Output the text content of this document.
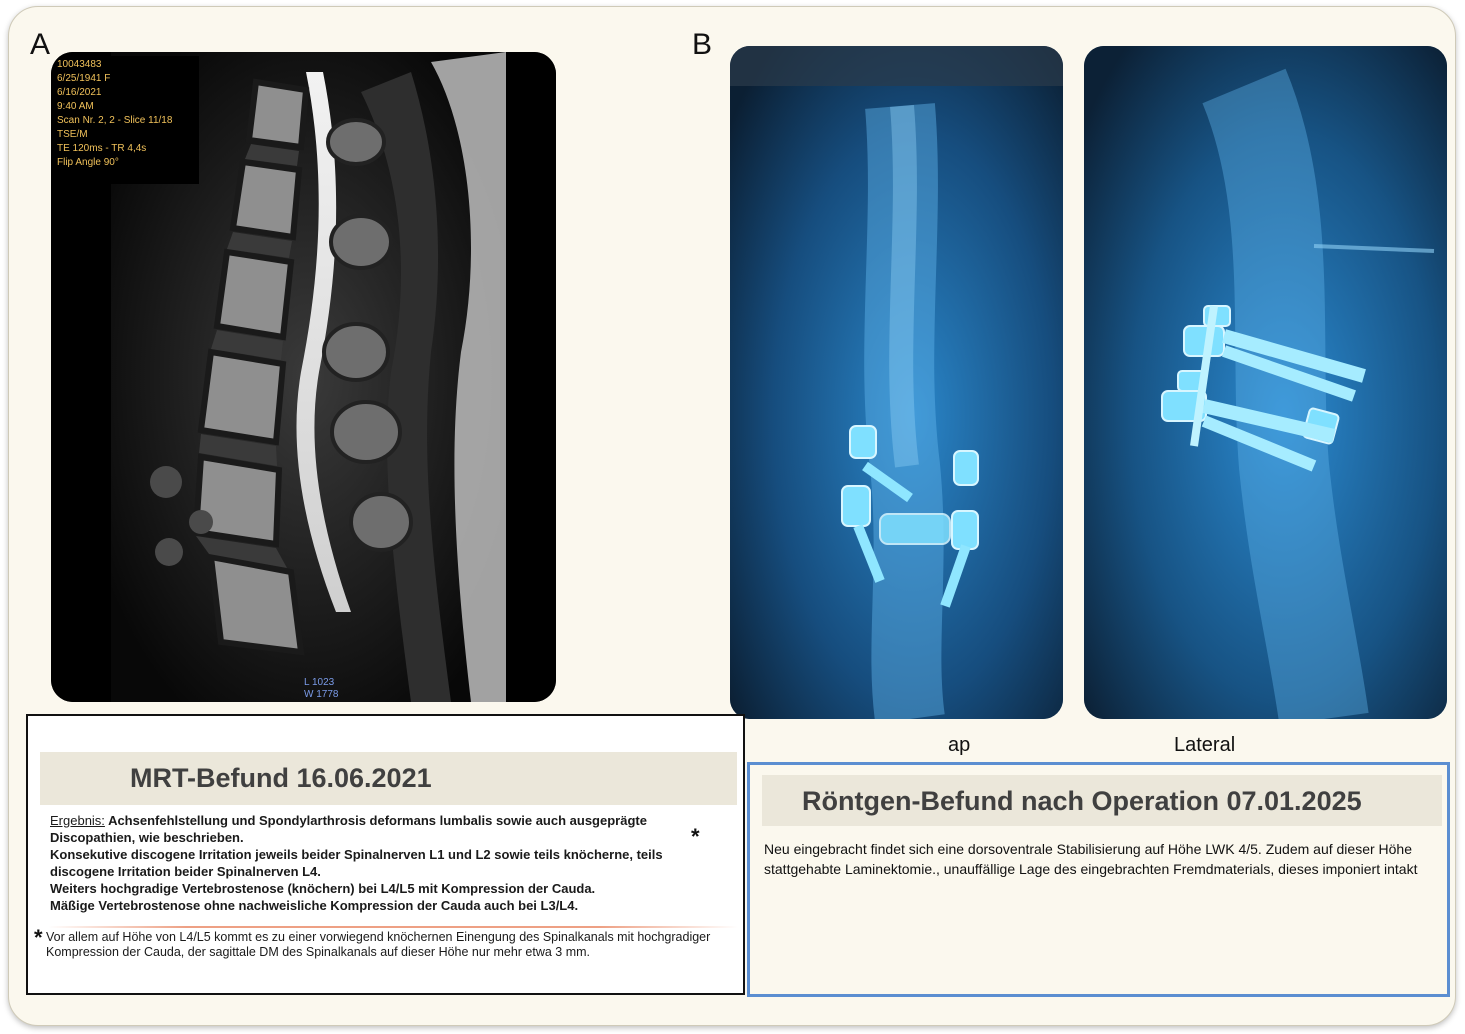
A	B
10043483
6/25/1941 F
6/16/2021
9:40 AM
Scan Nr. 2, 2 - Slice 11/18
TSE/M
TE 120ms - TR 4,4s
Flip Angle 90°
L 1023
W 1778
ap	Lateral
MRT-Befund 16.06.2021

Ergebnis: Achsenfehlstellung und Spondylarthrosis deformans lumbalis sowie auch ausgeprägte

Discopathien, wie beschrieben.

Konsekutive discogene Irritation jeweils beider Spinalnerven L1 und L2 sowie teils knöcherne, teils

discogene Irritation beider Spinalnerven L4.

Weiters hochgradige Vertebrostenose (knöchern) bei L4/L5 mit Kompression der Cauda.

Mäßige Vertebrostenose ohne nachweisliche Kompression der Cauda auch bei L3/L4.

*
* Vor allem auf Höhe von L4/L5 kommt es zu einer vorwiegend knöchernen Einengung des Spinalkanals mit hochgradiger Kompression der Cauda, der sagittale DM des Spinalkanals auf dieser Höhe nur mehr etwa 3 mm.
Röntgen-Befund nach Operation 07.01.2025
Neu eingebracht findet sich eine dorsoventrale Stabilisierung auf Höhe LWK 4/5. Zudem auf dieser Höhe stattgehabte Laminektomie., unauffällige Lage des eingebrachten Fremdmaterials, dieses imponiert intakt
